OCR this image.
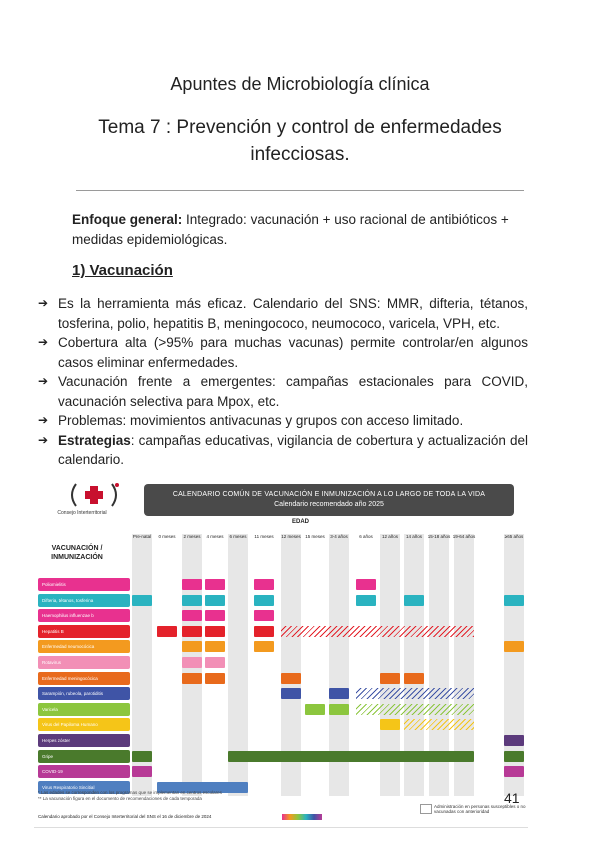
Apuntes de Microbiología clínica
Tema 7 : Prevención y control de enfermedades
infecciosas.
Enfoque general: Integrado: vacunación + uso racional de antibióticos + medidas epidemiológicas.
1) Vacunación
➔ Es la herramienta más eficaz. Calendario del SNS: MMR, difteria, tétanos, tosferina, polio, hepatitis B, meningococo, neumococo, varicela, VPH, etc.
➔ Cobertura alta (>95% para muchas vacunas) permite controlar/en algunos casos eliminar enfermedades.
➔ Vacunación frente a emergentes: campañas estacionales para COVID, vacunación selectiva para Mpox, etc.
➔ Problemas: movimientos antivacunas y grupos con acceso limitado.
➔ Estrategias: campañas educativas, vigilancia de cobertura y actualización del calendario.
Consejo Interterritorial
CALENDARIO COMÚN DE VACUNACIÓN E INMUNIZACIÓN A LO LARGO DE TODA LA VIDA
Calendario recomendado año 2025
EDAD
VACUNACIÓN / INMUNIZACIÓN
Pre-natal	0 meses	2 meses	4 meses	6 meses	11 meses	12 meses 15 meses	3-4 años	6 años	12 años	14 años	15-18 años 19-64 años	≥65 años
Poliomielitis
Difteria, tétanos, tosferina
Haemophilus influenzae b
Hepatitis B
Enfermedad neumocócica
Rotavirus
Enfermedad meningocócica
Sarampión, rubeola, parotiditis
Varicela
Virus del Papiloma Humano
Herpes zóster
Gripe
COVID-19
Virus Respiratorio Sincitial
* Las edades se corresponden con los programas que se implementan en centros escolares
** La vacunación figura en el documento de recomendaciones de cada temporada
Calendario aprobado por el Consejo Interterritorial del SNS el 16 de diciembre de 2024
41
Administración en personas susceptibles o no vacunadas con anterioridad
